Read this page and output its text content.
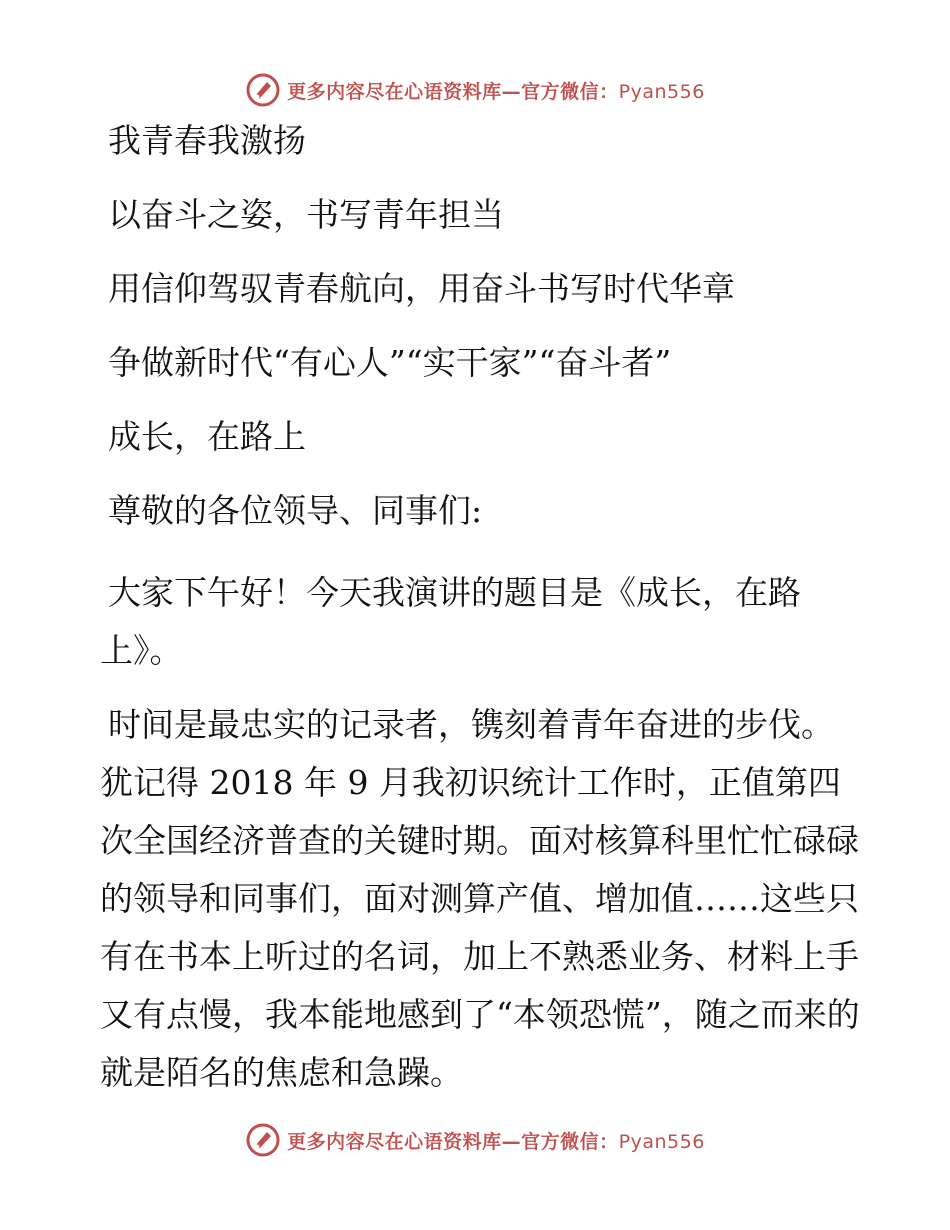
更多内容尽在心语资料库—官方微信：Pyan556

我青春我激扬

以奋斗之姿，书写青年担当

用信仰驾驭青春航向，用奋斗书写时代华章

争做新时代“有心人”“实干家”“奋斗者”

成长，在路上

尊敬的各位领导、同事们:

大家下午好！今天我演讲的题目是《成长，在路上》。

时间是最忠实的记录者，镌刻着青年奋进的步伐。犹记得 2018 年 9 月我初识统计工作时，正值第四次全国经济普查的关键时期。面对核算科里忙忙碌碌的领导和同事们，面对测算产值、增加值……这些只有在书本上听过的名词，加上不熟悉业务、材料上手又有点慢，我本能地感到了“本领恐慌”，随之而来的就是陌名的焦虑和急躁。

更多内容尽在心语资料库—官方微信：Pyan556
